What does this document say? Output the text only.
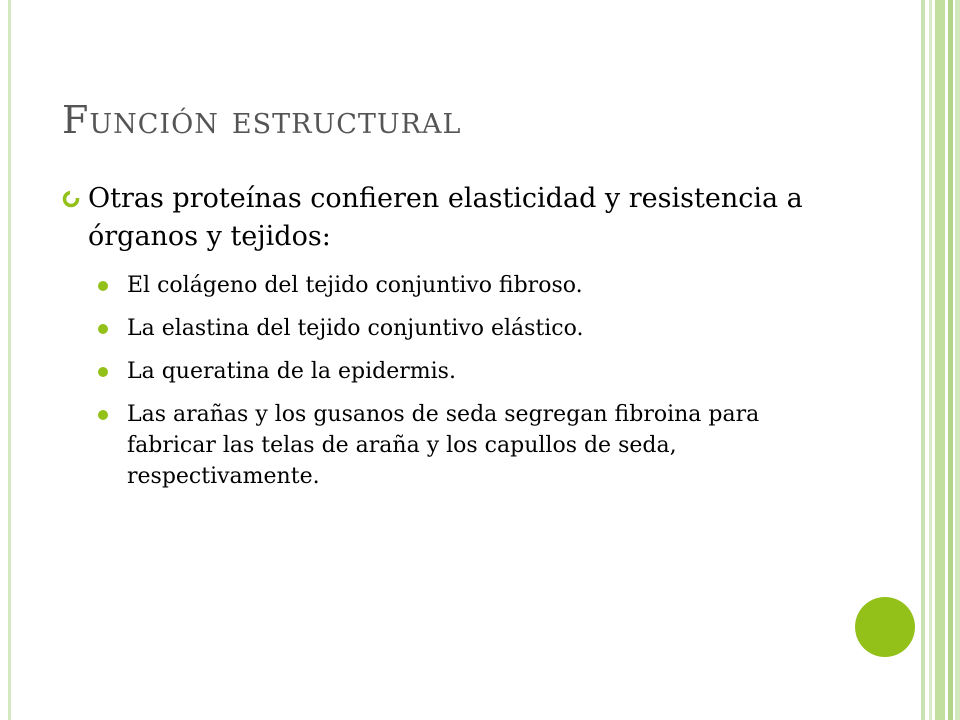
Función estructural
Otras proteínas confieren elasticidad y resistencia a órganos y tejidos:
El colágeno del tejido conjuntivo fibroso.
La elastina del tejido conjuntivo elástico.
La queratina de la epidermis.
Las arañas y los gusanos de seda segregan fibroina para fabricar las telas de araña y los capullos de seda, respectivamente.
